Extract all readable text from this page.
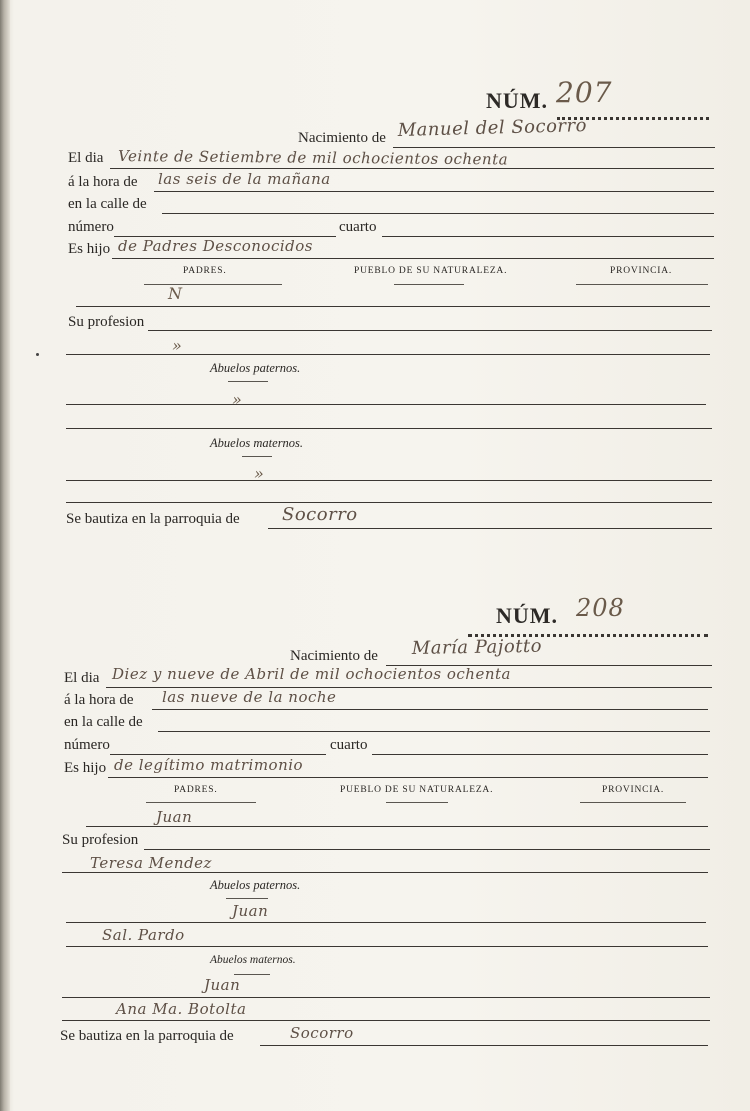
NÚM. 207
Nacimiento de Manuel del Socorro
El dia Veinte de Setiembre de mil ochocientos ochenta
á la hora de las seis de la mañana
en la calle de
número	cuarto
Es hijo de Padres Desconocidos
PADRES.	PUEBLO DE SU NATURALEZA.	PROVINCIA.
N
Su profesion
»
Abuelos paternos.
»
Abuelos maternos.
»
Se bautiza en la parroquia de Socorro
NÚM. 208
Nacimiento de María Pajotto
El dia Diez y nueve de Abril de mil ochocientos ochenta
á la hora de las nueve de la noche
en la calle de
número	cuarto
Es hijo de legítimo matrimonio
PADRES.	PUEBLO DE SU NATURALEZA.	PROVINCIA.
Juan
Su profesion
Teresa Mendez
Abuelos paternos.
Juan
Sal. Pardo
Abuelos maternos.
Juan
Ana Ma. Botolta
Se bautiza en la parroquia de	Socorro
